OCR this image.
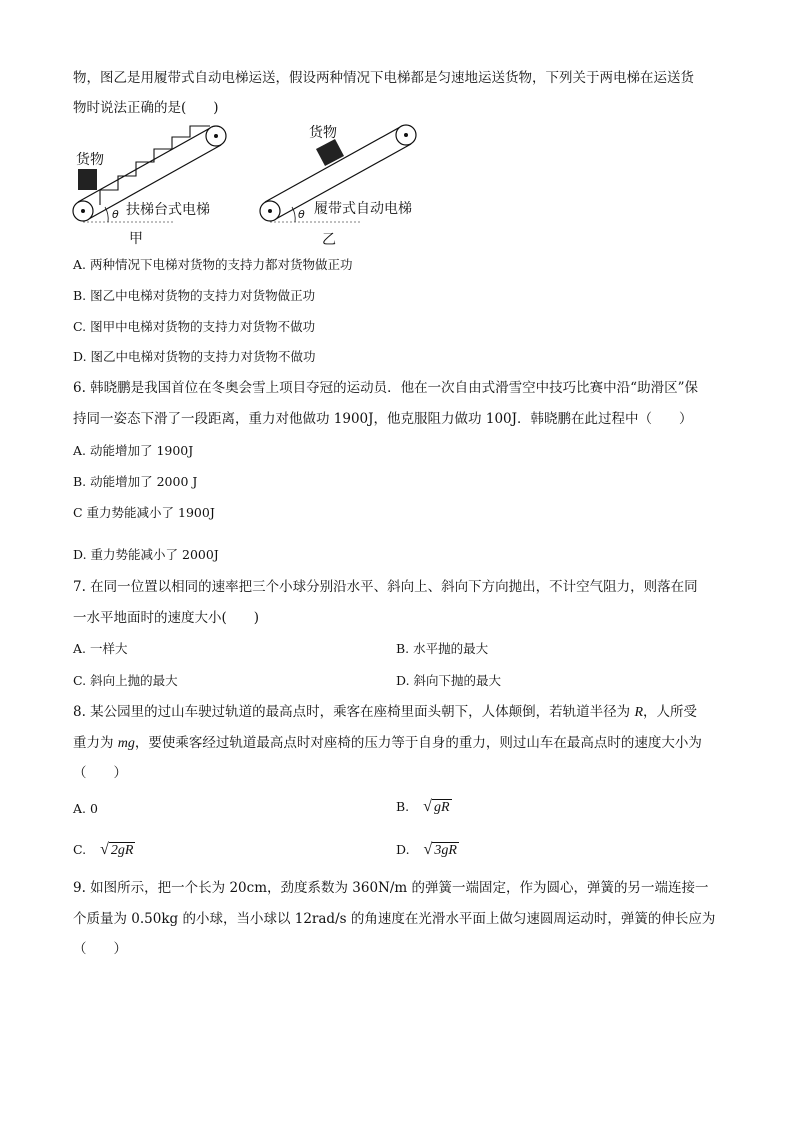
物，图乙是用履带式自动电梯运送，假设两种情况下电梯都是匀速地运送货物，下列关于两电梯在运送货
物时说法正确的是(　　)
货物
θ 扶梯台式电梯
甲
货物
θ 履带式自动电梯
乙
A. 两种情况下电梯对货物的支持力都对货物做正功
B. 图乙中电梯对货物的支持力对货物做正功
C. 图甲中电梯对货物的支持力对货物不做功
D. 图乙中电梯对货物的支持力对货物不做功
6. 韩晓鹏是我国首位在冬奥会雪上项目夺冠的运动员．他在一次自由式滑雪空中技巧比赛中沿“助滑区”保
持同一姿态下滑了一段距离，重力对他做功 1900J，他克服阻力做功 100J．韩晓鹏在此过程中（　　）
A. 动能增加了 1900J
B. 动能增加了 2000 J
C 重力势能减小了 1900J
D. 重力势能减小了 2000J
7. 在同一位置以相同的速率把三个小球分别沿水平、斜向上、斜向下方向抛出，不计空气阻力，则落在同
一水平地面时的速度大小(　　)
A. 一样大	B. 水平抛的最大
C. 斜向上抛的最大	D. 斜向下抛的最大
8. 某公园里的过山车驶过轨道的最高点时，乘客在座椅里面头朝下，人体颠倒，若轨道半径为 R，人所受
重力为 mg，要使乘客经过轨道最高点时对座椅的压力等于自身的重力，则过山车在最高点时的速度大小为
（　　）
A. 0	B. √ gR
C. √ 2gR	D. √ 3gR
9. 如图所示，把一个长为 20cm，劲度系数为 360N/m 的弹簧一端固定，作为圆心，弹簧的另一端连接一
个质量为 0.50kg 的小球，当小球以 12rad/s 的角速度在光滑水平面上做匀速圆周运动时，弹簧的伸长应为
（　　）
